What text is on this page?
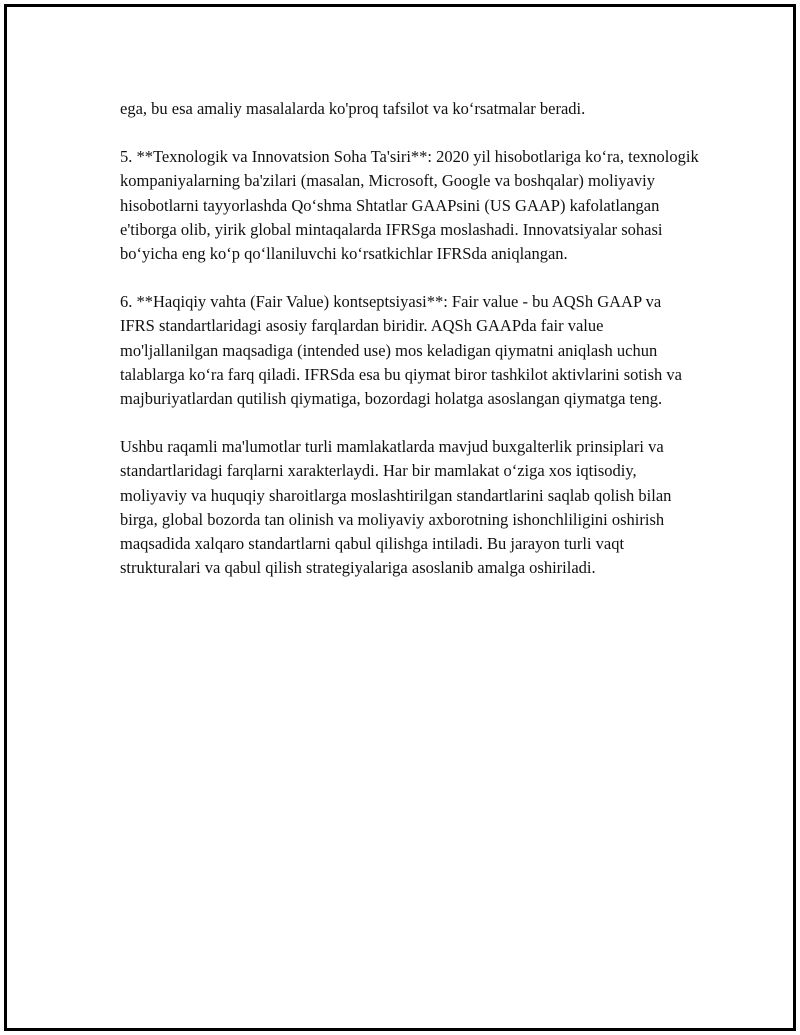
ega, bu esa amaliy masalalarda ko'proq tafsilot va koʻrsatmalar beradi.

5. **Texnologik va Innovatsion Soha Ta'siri**: 2020 yil hisobotlariga koʻra, texnologik kompaniyalarning ba'zilari (masalan, Microsoft, Google va boshqalar) moliyaviy hisobotlarni tayyorlashda Qoʻshma Shtatlar GAAPsini (US GAAP) kafolatlangan e'tiborga olib, yirik global mintaqalarda IFRSga moslashadi. Innovatsiyalar sohasi boʻyicha eng koʻp qoʻllaniluvchi koʻrsatkichlar IFRSda aniqlangan.

6. **Haqiqiy vahta (Fair Value) kontseptsiyasi**: Fair value - bu AQSh GAAP va IFRS standartlaridagi asosiy farqlardan biridir. AQSh GAAPda fair value mo'ljallanilgan maqsadiga (intended use) mos keladigan qiymatni aniqlash uchun talablarga koʻra farq qiladi. IFRSda esa bu qiymat biror tashkilot aktivlarini sotish va majburiyatlardan qutilish qiymatiga, bozordagi holatga asoslangan qiymatga teng.

Ushbu raqamli ma'lumotlar turli mamlakatlarda mavjud buxgalterlik prinsiplari va standartlaridagi farqlarni xarakterlaydi. Har bir mamlakat oʻziga xos iqtisodiy, moliyaviy va huquqiy sharoitlarga moslashtirilgan standartlarini saqlab qolish bilan birga, global bozorda tan olinish va moliyaviy axborotning ishonchliligini oshirish maqsadida xalqaro standartlarni qabul qilishga intiladi. Bu jarayon turli vaqt strukturalari va qabul qilish strategiyalariga asoslanib amalga oshiriladi.
